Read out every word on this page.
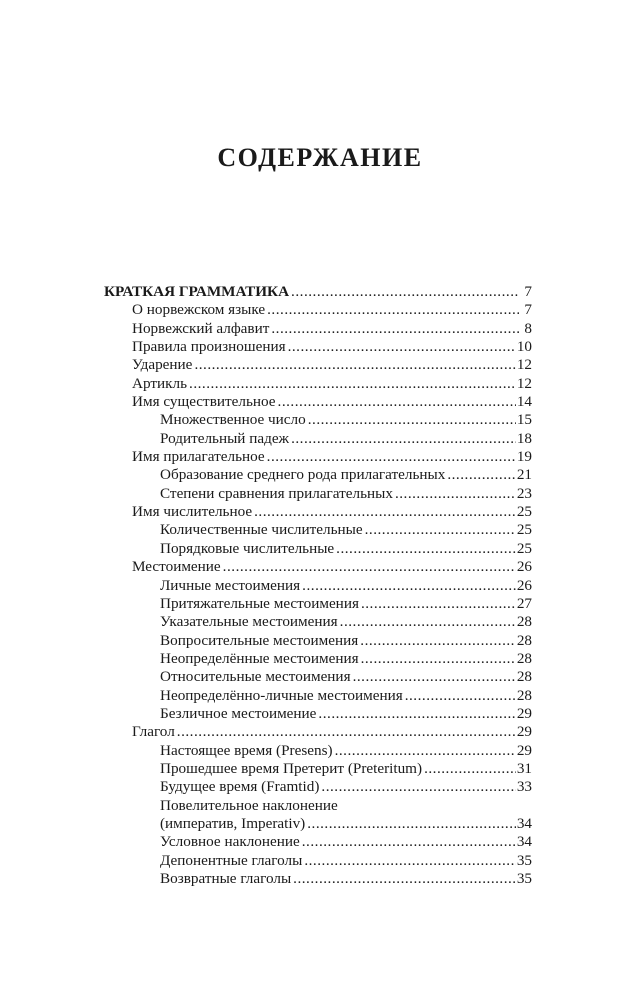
СОДЕРЖАНИЕ
КРАТКАЯ ГРАММАТИКА .....	7
О норвежском языке .....	7
Норвежский алфавит .....	8
Правила произношения .....	10
Ударение .....	12
Артикль .....	12
Имя существительное .....	14
Множественное число .....	15
Родительный падеж .....	18
Имя прилагательное .....	19
Образование среднего рода прилагательных .....	21
Степени сравнения прилагательных .....	23
Имя числительное .....	25
Количественные числительные .....	25
Порядковые числительные .....	25
Местоимение .....	26
Личные местоимения .....	26
Притяжательные местоимения .....	27
Указательные местоимения .....	28
Вопросительные местоимения .....	28
Неопределённые местоимения .....	28
Относительные местоимения .....	28
Неопределённо-личные местоимения .....	28
Безличное местоимение .....	29
Глагол .....	29
Настоящее время (Presens) .....	29
Прошедшее время Претерит (Preteritum) .....	31
Будущее время (Framtid) .....	33
Повелительное наклонение
(императив, Imperativ) .....	34
Условное наклонение .....	34
Депонентные глаголы .....	35
Возвратные глаголы .....	35
